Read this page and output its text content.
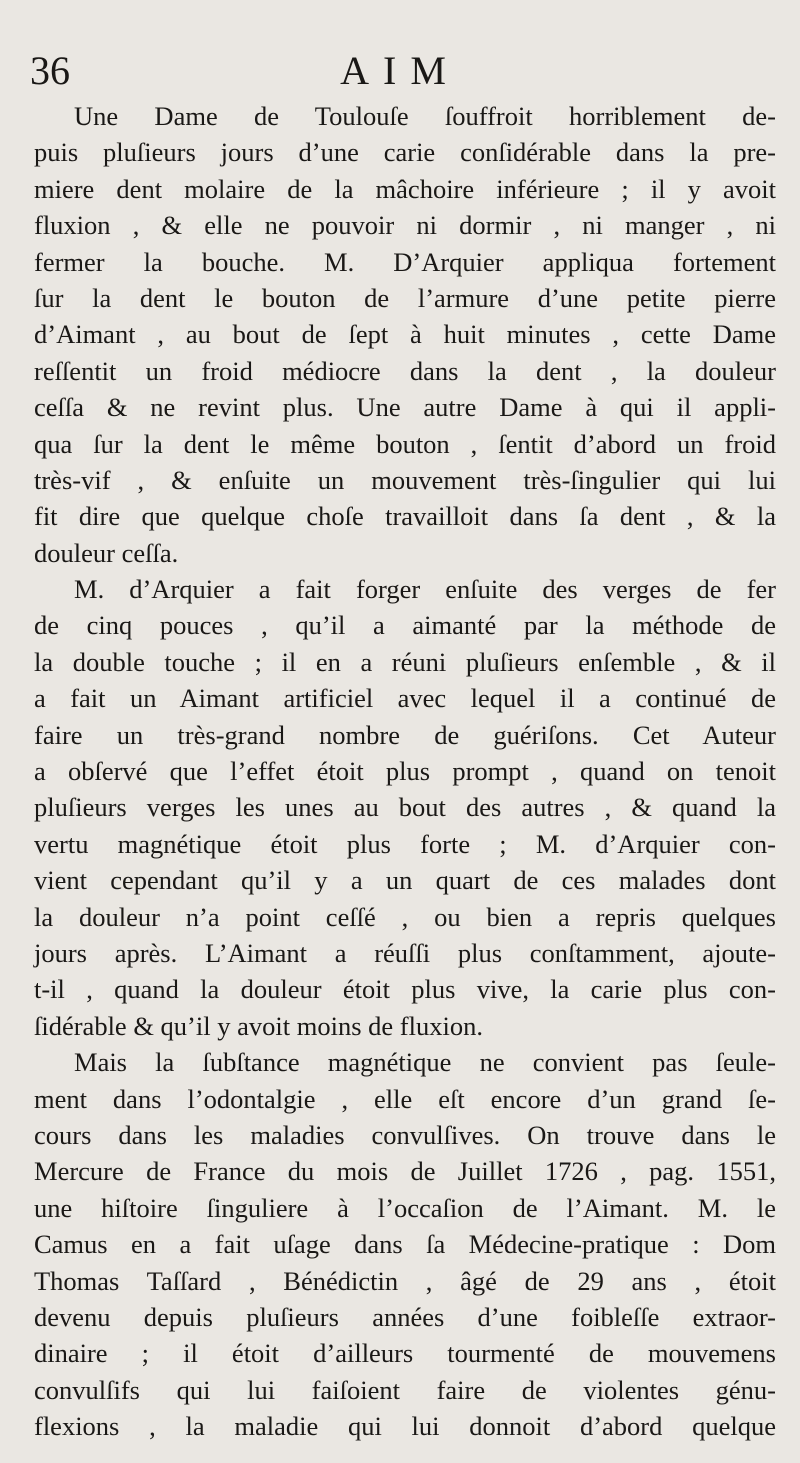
36	AIM
Une Dame de Toulouſe ſouffroit horriblement de-
puis pluſieurs jours d’une carie conſidérable dans la pre-
miere dent molaire de la mâchoire inférieure ; il y avoit
fluxion , & elle ne pouvoir ni dormir , ni manger , ni
fermer la bouche. M. D’Arquier appliqua fortement
ſur la dent le bouton de l’armure d’une petite pierre
d’Aimant , au bout de ſept à huit minutes , cette Dame
reſſentit un froid médiocre dans la dent , la douleur
ceſſa & ne revint plus. Une autre Dame à qui il appli-
qua ſur la dent le même bouton , ſentit d’abord un froid
très-vif , & enſuite un mouvement très-ſingulier qui lui
fit dire que quelque choſe travailloit dans ſa dent , & la
douleur ceſſa.
M. d’Arquier a fait forger enſuite des verges de fer
de cinq pouces , qu’il a aimanté par la méthode de
la double touche ; il en a réuni pluſieurs enſemble , & il
a fait un Aimant artificiel avec lequel il a continué de
faire un très-grand nombre de guériſons. Cet Auteur
a obſervé que l’effet étoit plus prompt , quand on tenoit
pluſieurs verges les unes au bout des autres , & quand la
vertu magnétique étoit plus forte ; M. d’Arquier con-
vient cependant qu’il y a un quart de ces malades dont
la douleur n’a point ceſſé , ou bien a repris quelques
jours après. L’Aimant a réuſſi plus conſtamment, ajoute-
t-il , quand la douleur étoit plus vive, la carie plus con-
ſidérable & qu’il y avoit moins de fluxion.
Mais la ſubſtance magnétique ne convient pas ſeule-
ment dans l’odontalgie , elle eſt encore d’un grand ſe-
cours dans les maladies convulſives. On trouve dans le
Mercure de France du mois de Juillet 1726 , pag. 1551,
une hiſtoire ſinguliere à l’occaſion de l’Aimant. M. le
Camus en a fait uſage dans ſa Médecine-pratique : Dom
Thomas Taſſard , Bénédictin , âgé de 29 ans , étoit
devenu depuis pluſieurs années d’une foibleſſe extraor-
dinaire ; il étoit d’ailleurs tourmenté de mouvemens
convulſifs qui lui faiſoient faire de violentes génu-
flexions , la maladie qui lui donnoit d’abord quelque
